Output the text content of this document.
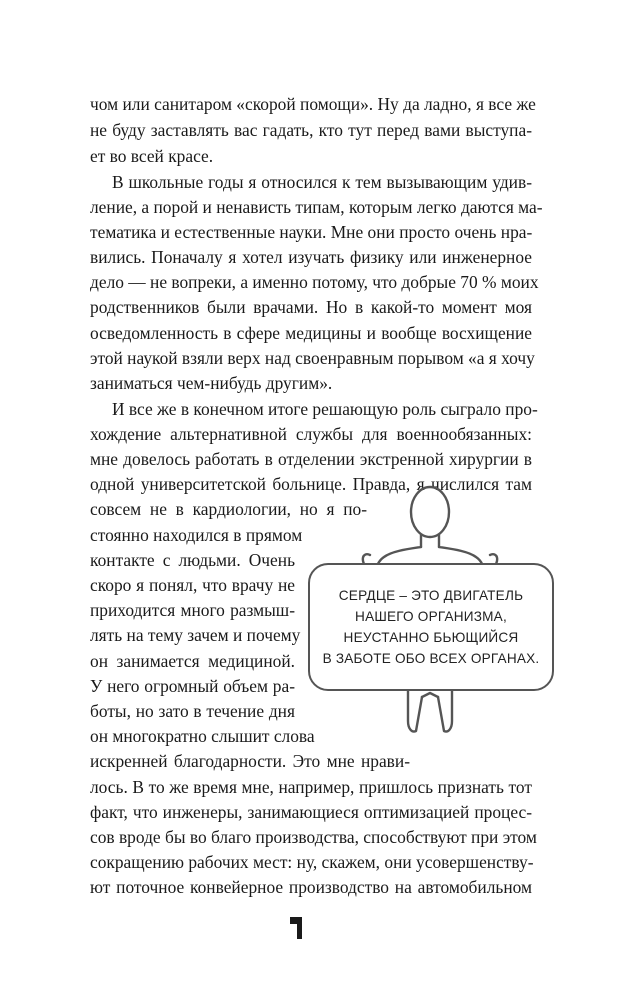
чом или санитаром «скорой помощи». Ну да ладно, я все же
не буду заставлять вас гадать, кто тут перед вами выступа-
ет во всей красе.
В школьные годы я относился к тем вызывающим удив-
ление, а порой и ненависть типам, которым легко даются ма-
тематика и естественные науки. Мне они просто очень нра-
вились. Поначалу я хотел изучать физику или инженерное
дело — не вопреки, а именно потому, что добрые 70 % моих
родственников были врачами. Но в какой-то момент моя
осведомленность в сфере медицины и вообще восхищение
этой наукой взяли верх над своенравным порывом «а я хочу
заниматься чем-нибудь другим».
И все же в конечном итоге решающую роль сыграло про-
хождение альтернативной службы для военнообязанных:
мне довелось работать в отделении экстренной хирургии в
одной университетской больнице. Правда, я числился там
совсем не в кардиологии, но я по-
стоянно находился в прямом
контакте с людьми. Очень
скоро я понял, что врачу не
приходится много размыш-
лять на тему зачем и почему
он занимается медициной.
У него огромный объем ра-
боты, но зато в течение дня
он многократно слышит слова
искренней благодарности. Это мне нрави-
лось. В то же время мне, например, пришлось признать тот
факт, что инженеры, занимающиеся оптимизацией процес-
сов вроде бы во благо производства, способствуют при этом
сокращению рабочих мест: ну, скажем, они усовершенству-
ют поточное конвейерное производство на автомобильном
СЕРДЦЕ – ЭТО ДВИГАТЕЛЬ
НАШЕГО ОРГАНИЗМА,
НЕУСТАННО БЬЮЩИЙСЯ
В ЗАБОТЕ ОБО ВСЕХ ОРГАНАХ.
